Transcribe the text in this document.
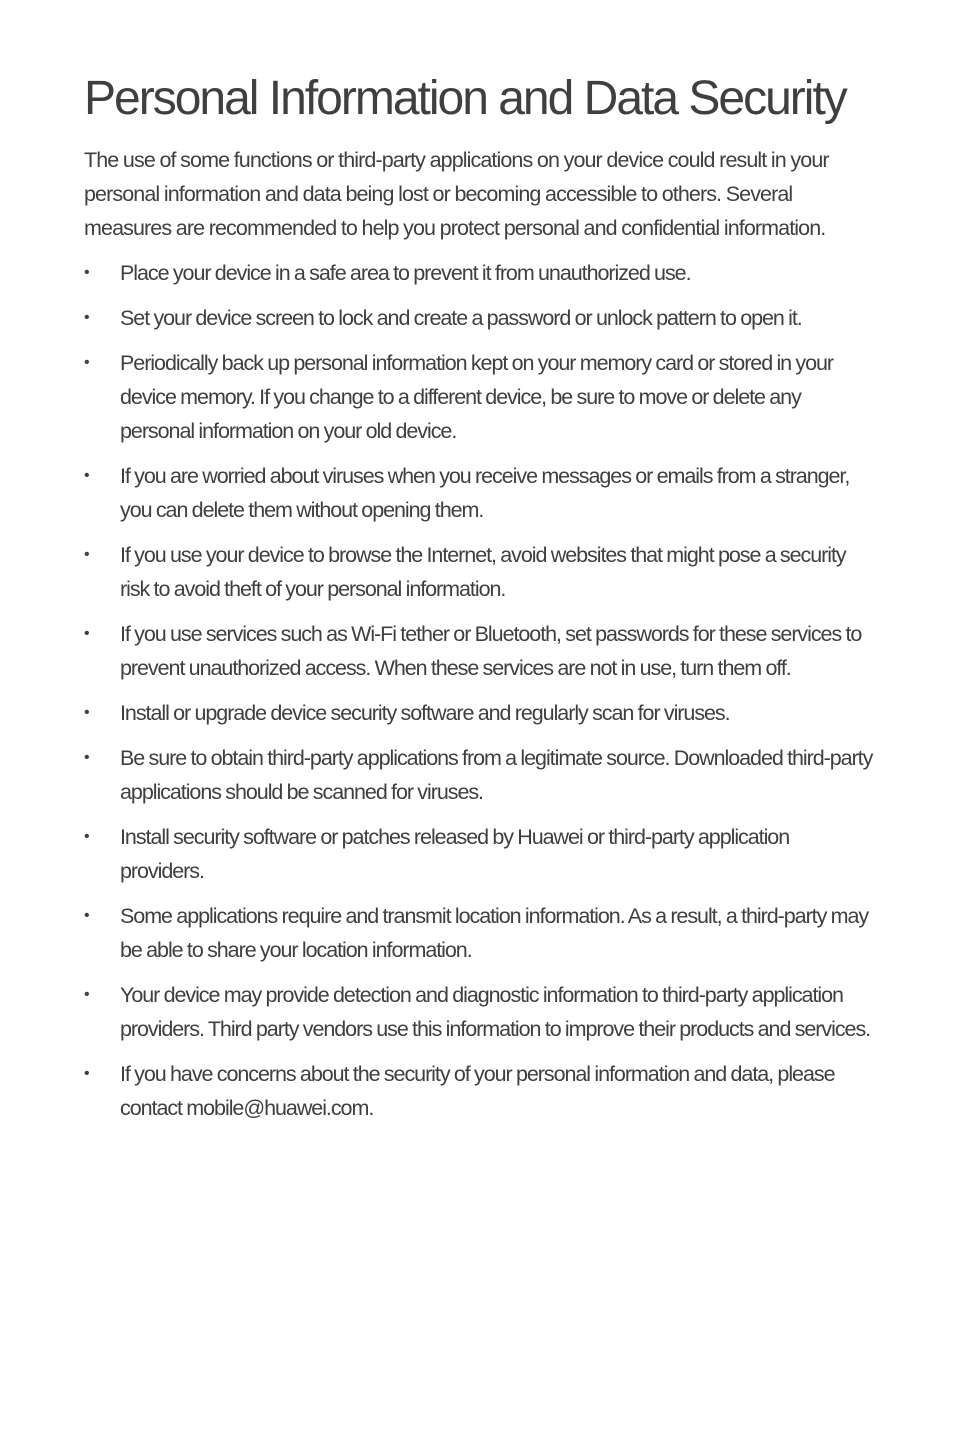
Personal Information and Data Security

The use of some functions or third-party applications on your device could result in your personal information and data being lost or becoming accessible to others. Several measures are recommended to help you protect personal and confidential information.

•	Place your device in a safe area to prevent it from unauthorized use.
•	Set your device screen to lock and create a password or unlock pattern to open it.
•	Periodically back up personal information kept on your memory card or stored in your device memory. If you change to a different device, be sure to move or delete any personal information on your old device.
•	If you are worried about viruses when you receive messages or emails from a stranger, you can delete them without opening them.
•	If you use your device to browse the Internet, avoid websites that might pose a security risk to avoid theft of your personal information.
•	If you use services such as Wi-Fi tether or Bluetooth, set passwords for these services to prevent unauthorized access. When these services are not in use, turn them off.
•	Install or upgrade device security software and regularly scan for viruses.
•	Be sure to obtain third-party applications from a legitimate source. Downloaded third-party applications should be scanned for viruses.
•	Install security software or patches released by Huawei or third-party application providers.
•	Some applications require and transmit location information. As a result, a third-party may be able to share your location information.
•	Your device may provide detection and diagnostic information to third-party application providers. Third party vendors use this information to improve their products and services.
•	If you have concerns about the security of your personal information and data, please contact mobile@huawei.com.
